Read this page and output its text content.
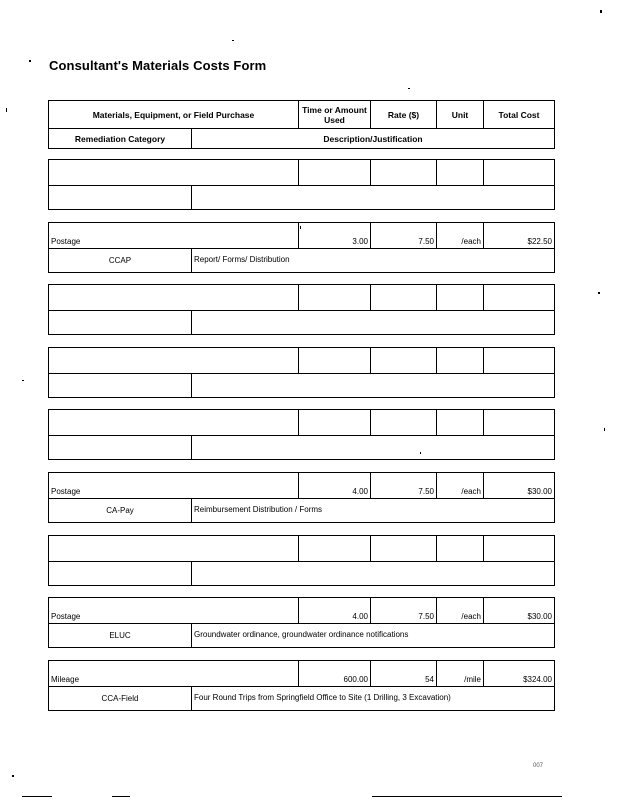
Consultant's Materials Costs Form
Materials, Equipment, or Field Purchase	Time or Amount Used	Rate ($)	Unit	Total Cost
Remediation Category	Description/Justification
Postage	3.00	7.50	/each	$22.50
CCAP	Report/ Forms/ Distribution
Postage	4.00	7.50	/each	$30.00
CA-Pay	Reimbursement Distribution / Forms
Postage	4.00	7.50	/each	$30.00
ELUC	Groundwater ordinance, groundwater ordinance notifications
Mileage	600.00	54	/mile	$324.00
CCA-Field	Four Round Trips from Springfield Office to Site (1 Drilling, 3 Excavation)
007
